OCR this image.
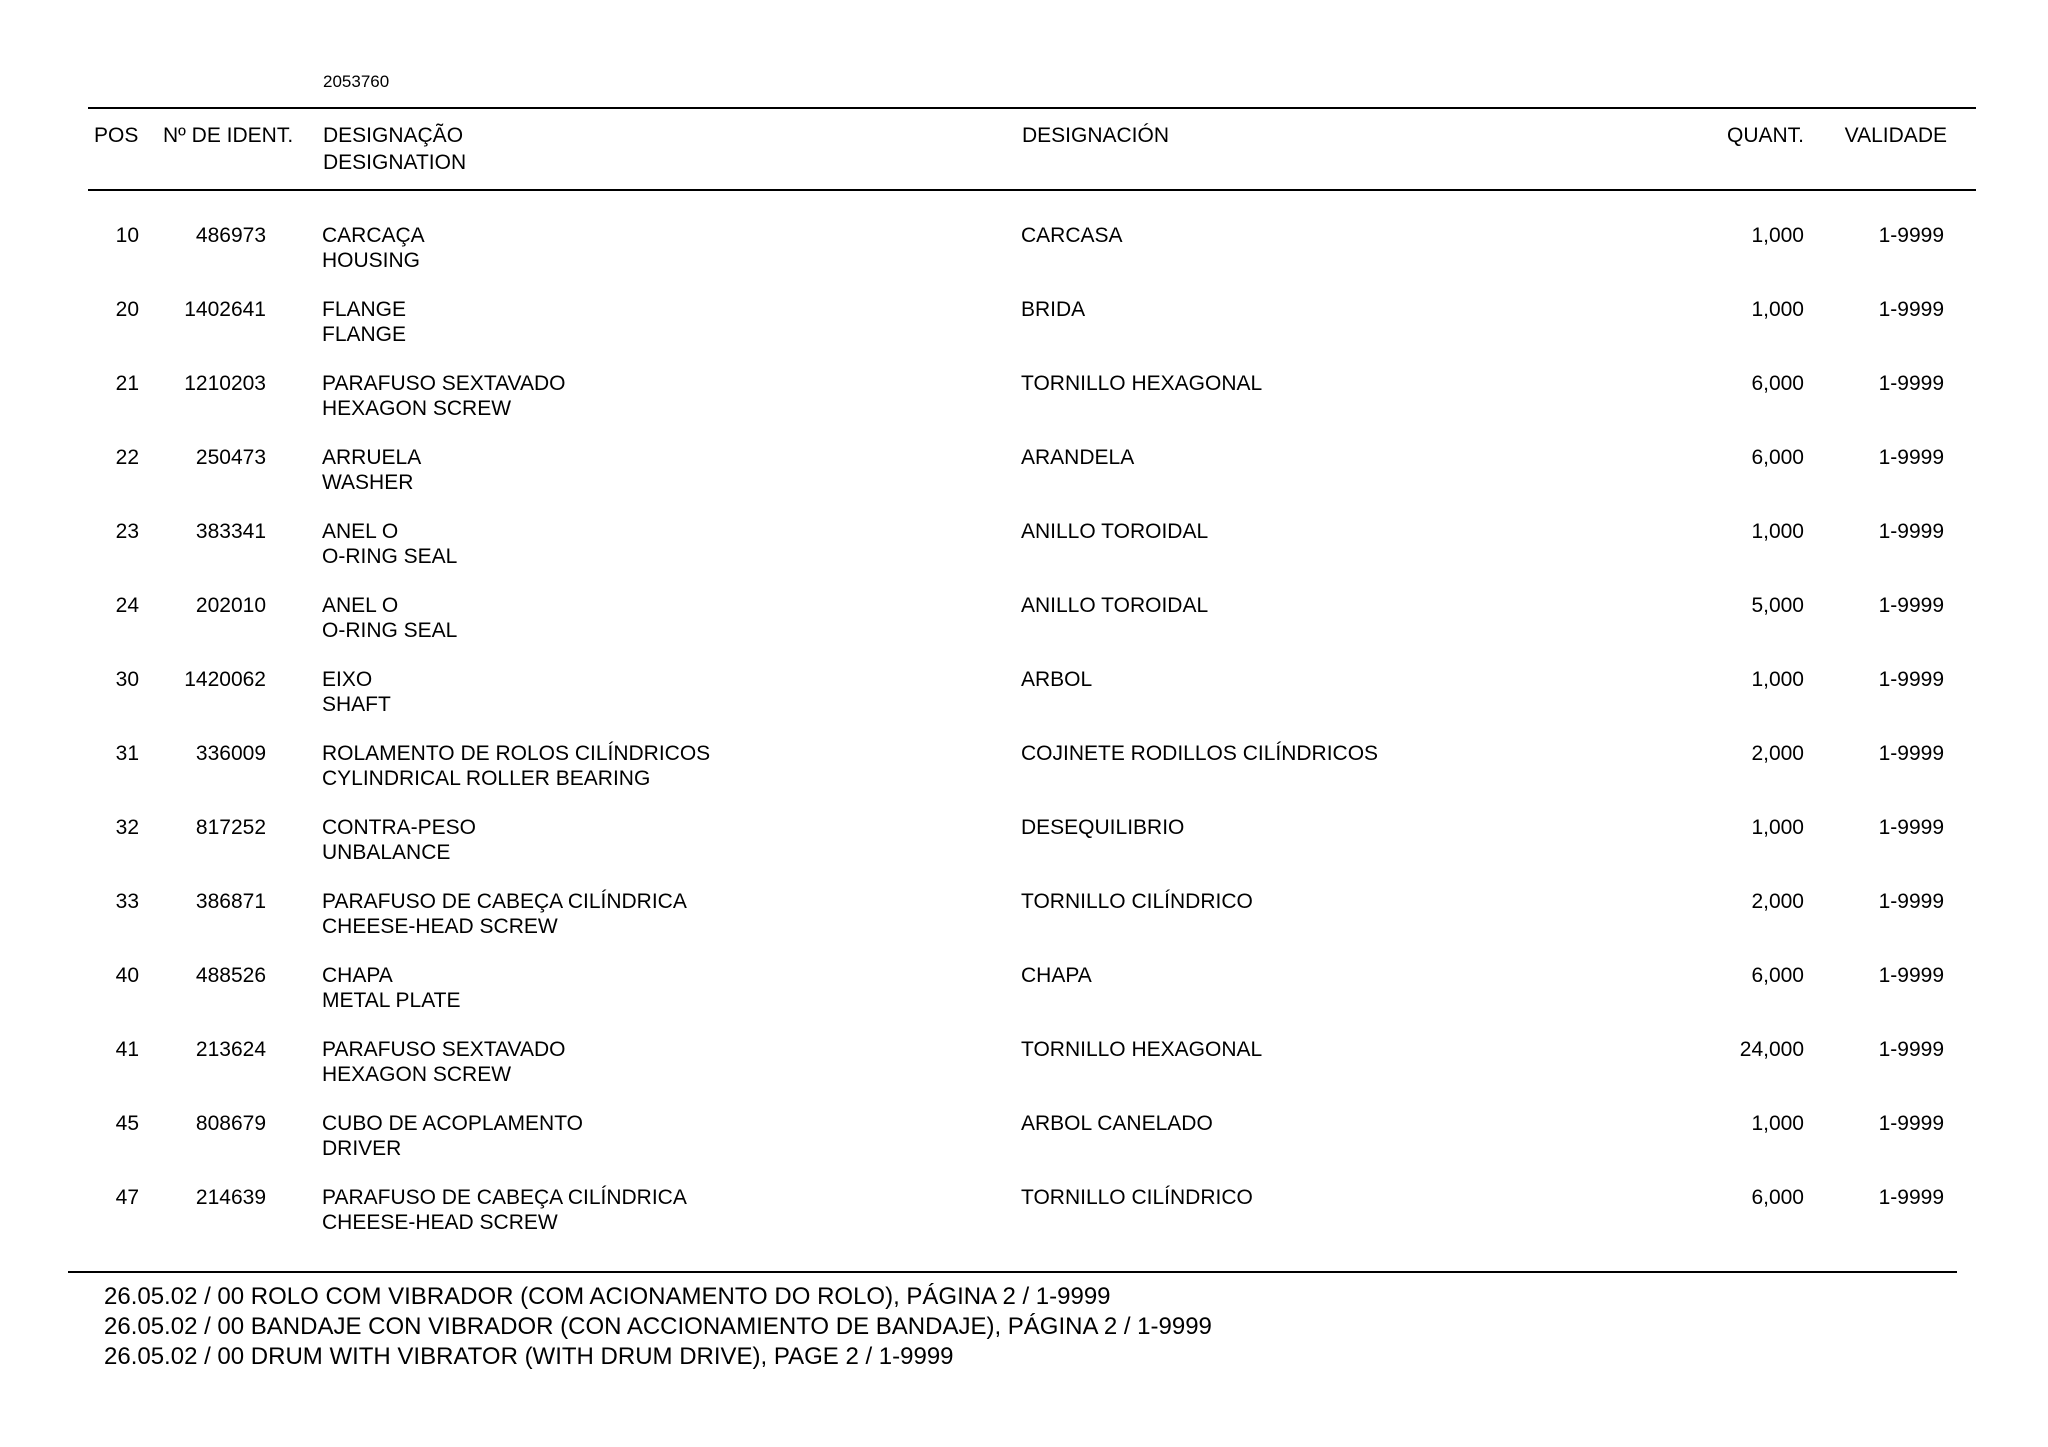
2053760
POS Nº DE IDENT. DESIGNAÇÃO
DESIGNATION
DESIGNACIÓN	QUANT. VALIDADE
10	486973	CARCAÇA
HOUSING
CARCASA	1,000	1-9999
20 1402641	FLANGE
FLANGE
BRIDA	1,000	1-9999
21 1210203	PARAFUSO SEXTAVADO
HEXAGON SCREW
TORNILLO HEXAGONAL	6,000	1-9999
22	250473	ARRUELA
WASHER
ARANDELA	6,000	1-9999
23	383341	ANEL O
O-RING SEAL
ANILLO TOROIDAL	1,000	1-9999
24	202010	ANEL O
O-RING SEAL
ANILLO TOROIDAL	5,000	1-9999
30 1420062	EIXO
SHAFT
ARBOL	1,000	1-9999
31	336009	ROLAMENTO DE ROLOS CILÍNDRICOS
CYLINDRICAL ROLLER BEARING
COJINETE RODILLOS CILÍNDRICOS	2,000	1-9999
32	817252	CONTRA-PESO
UNBALANCE
DESEQUILIBRIO	1,000	1-9999
33	386871	PARAFUSO DE CABEÇA CILÍNDRICA
CHEESE-HEAD SCREW
TORNILLO CILÍNDRICO	2,000	1-9999
40	488526	CHAPA
METAL PLATE
CHAPA	6,000	1-9999
41	213624	PARAFUSO SEXTAVADO
HEXAGON SCREW
TORNILLO HEXAGONAL	24,000	1-9999
45	808679	CUBO DE ACOPLAMENTO
DRIVER
ARBOL CANELADO	1,000	1-9999
47	214639	PARAFUSO DE CABEÇA CILÍNDRICA
CHEESE-HEAD SCREW
TORNILLO CILÍNDRICO	6,000	1-9999
26.05.02 / 00 ROLO COM VIBRADOR (COM ACIONAMENTO DO ROLO), PÁGINA 2 / 1-9999
26.05.02 / 00 BANDAJE CON VIBRADOR (CON ACCIONAMIENTO DE BANDAJE), PÁGINA 2 / 1-9999
26.05.02 / 00 DRUM WITH VIBRATOR (WITH DRUM DRIVE), PAGE 2 / 1-9999
